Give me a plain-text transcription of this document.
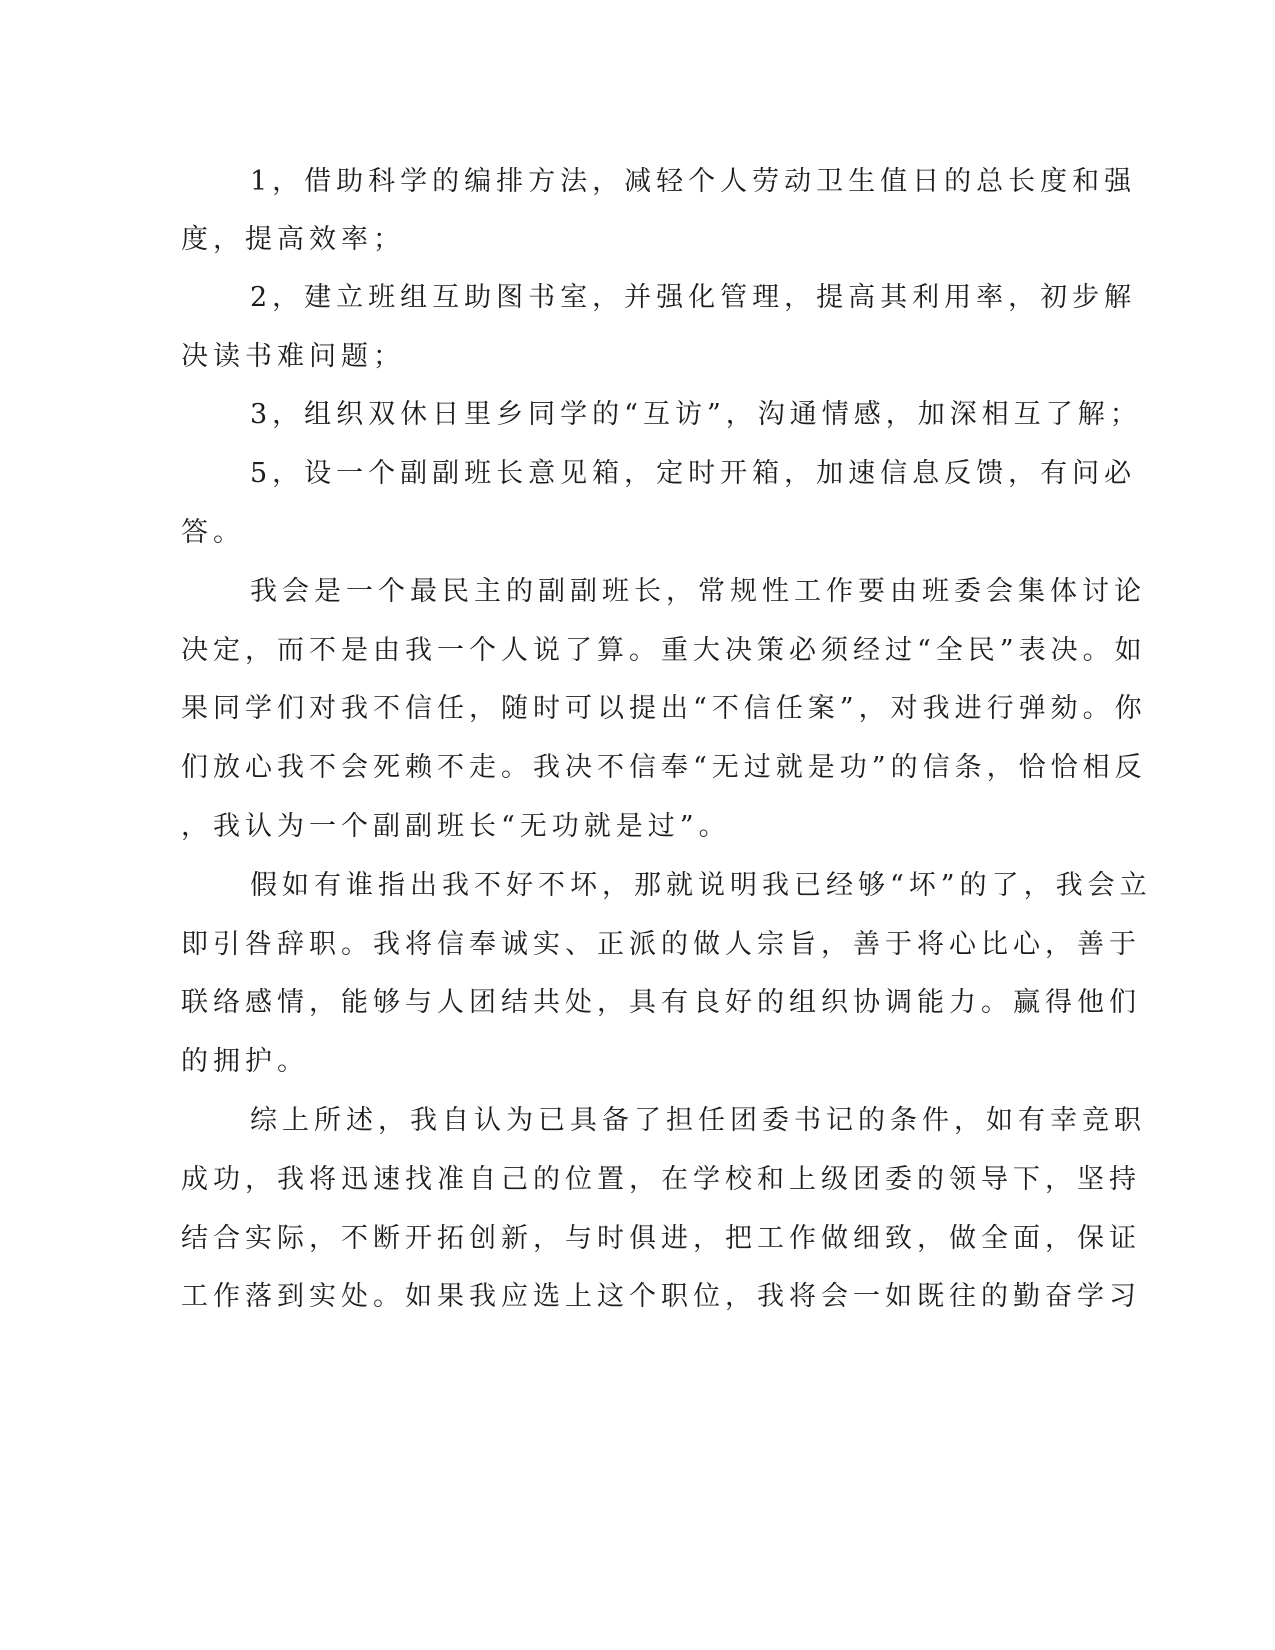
1，借助科学的编排方法，减轻个人劳动卫生值日的总长度和强
度，提高效率；
2，建立班组互助图书室，并强化管理，提高其利用率，初步解
决读书难问题；
3，组织双休日里乡同学的“互访”，沟通情感，加深相互了解；
5，设一个副副班长意见箱，定时开箱，加速信息反馈，有问必
答。
我会是一个最民主的副副班长，常规性工作要由班委会集体讨论
决定，而不是由我一个人说了算。重大决策必须经过“全民”表决。如
果同学们对我不信任，随时可以提出“不信任案”，对我进行弹劾。你
们放心我不会死赖不走。我决不信奉“无过就是功”的信条，恰恰相反
，我认为一个副副班长“无功就是过”。
假如有谁指出我不好不坏，那就说明我已经够“坏”的了，我会立
即引咎辞职。我将信奉诚实、正派的做人宗旨，善于将心比心，善于
联络感情，能够与人团结共处，具有良好的组织协调能力。赢得他们
的拥护。
综上所述，我自认为已具备了担任团委书记的条件，如有幸竞职
成功，我将迅速找准自己的位置，在学校和上级团委的领导下，坚持
结合实际，不断开拓创新，与时俱进，把工作做细致，做全面，保证
工作落到实处。如果我应选上这个职位，我将会一如既往的勤奋学习
